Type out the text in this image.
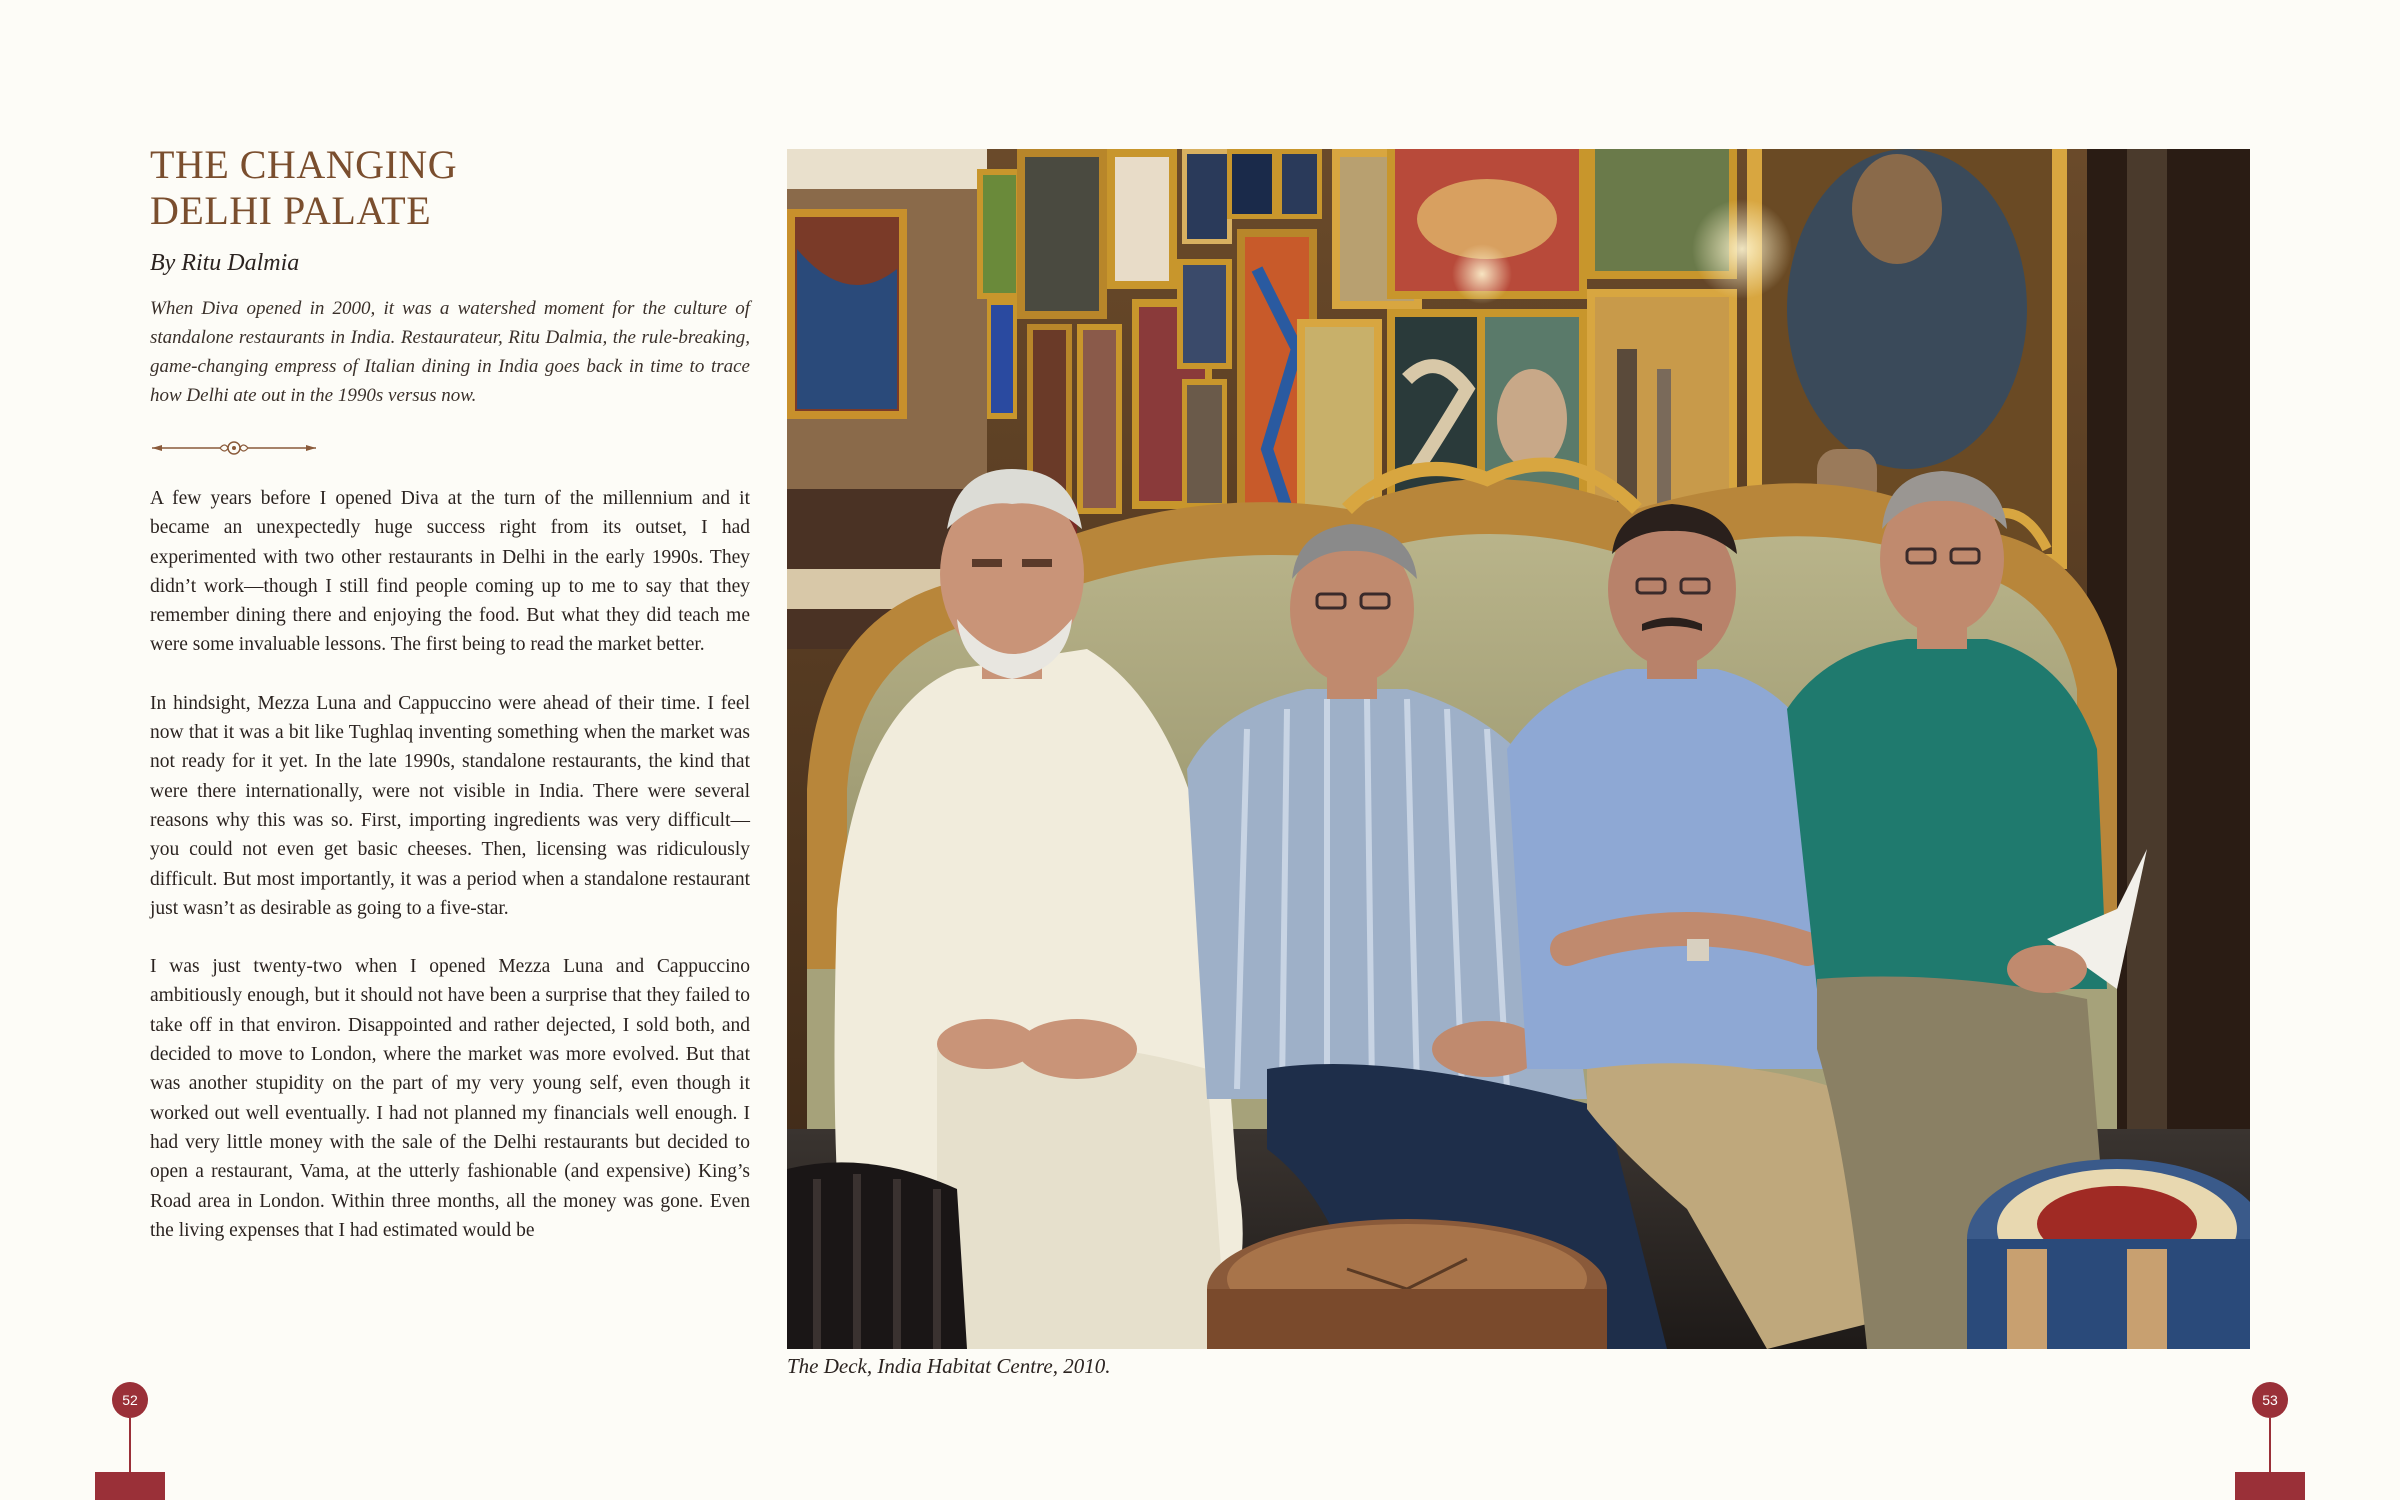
THE CHANGING
DELHI PALATE

By Ritu Dalmia

When Diva opened in 2000, it was a watershed moment for the culture of standalone restaurants in India. Restaurateur, Ritu Dalmia, the rule-breaking, game-changing empress of Italian dining in India goes back in time to trace how Delhi ate out in the 1990s versus now.

A few years before I opened Diva at the turn of the millennium and it became an unexpectedly huge success right from its outset, I had experimented with two other restaurants in Delhi in the early 1990s. They didn’t work—though I still find people coming up to me to say that they remember dining there and enjoying the food. But what they did teach me were some invaluable lessons. The first being to read the market better.

In hindsight, Mezza Luna and Cappuccino were ahead of their time. I feel now that it was a bit like Tughlaq inventing something when the market was not ready for it yet. In the late 1990s, standalone restaurants, the kind that were there internationally, were not visible in India. There were several reasons why this was so. First, importing ingredients was very difficult—you could not even get basic cheeses. Then, licensing was ridiculously difficult. But most importantly, it was a period when a standalone restaurant just wasn’t as desirable as going to a five-star.

I was just twenty-two when I opened Mezza Luna and Cappuccino ambitiously enough, but it should not have been a surprise that they failed to take off in that environ. Disappointed and rather dejected, I sold both, and decided to move to London, where the market was more evolved. But that was another stupidity on the part of my very young self, even though it worked out well eventually. I had not planned my financials well enough. I had very little money with the sale of the Delhi restaurants but decided to open a restaurant, Vama, at the utterly fashionable (and expensive) King’s Road area in London. Within three months, all the money was gone. Even the living expenses that I had estimated would be

The Deck, India Habitat Centre, 2010.
52	53
